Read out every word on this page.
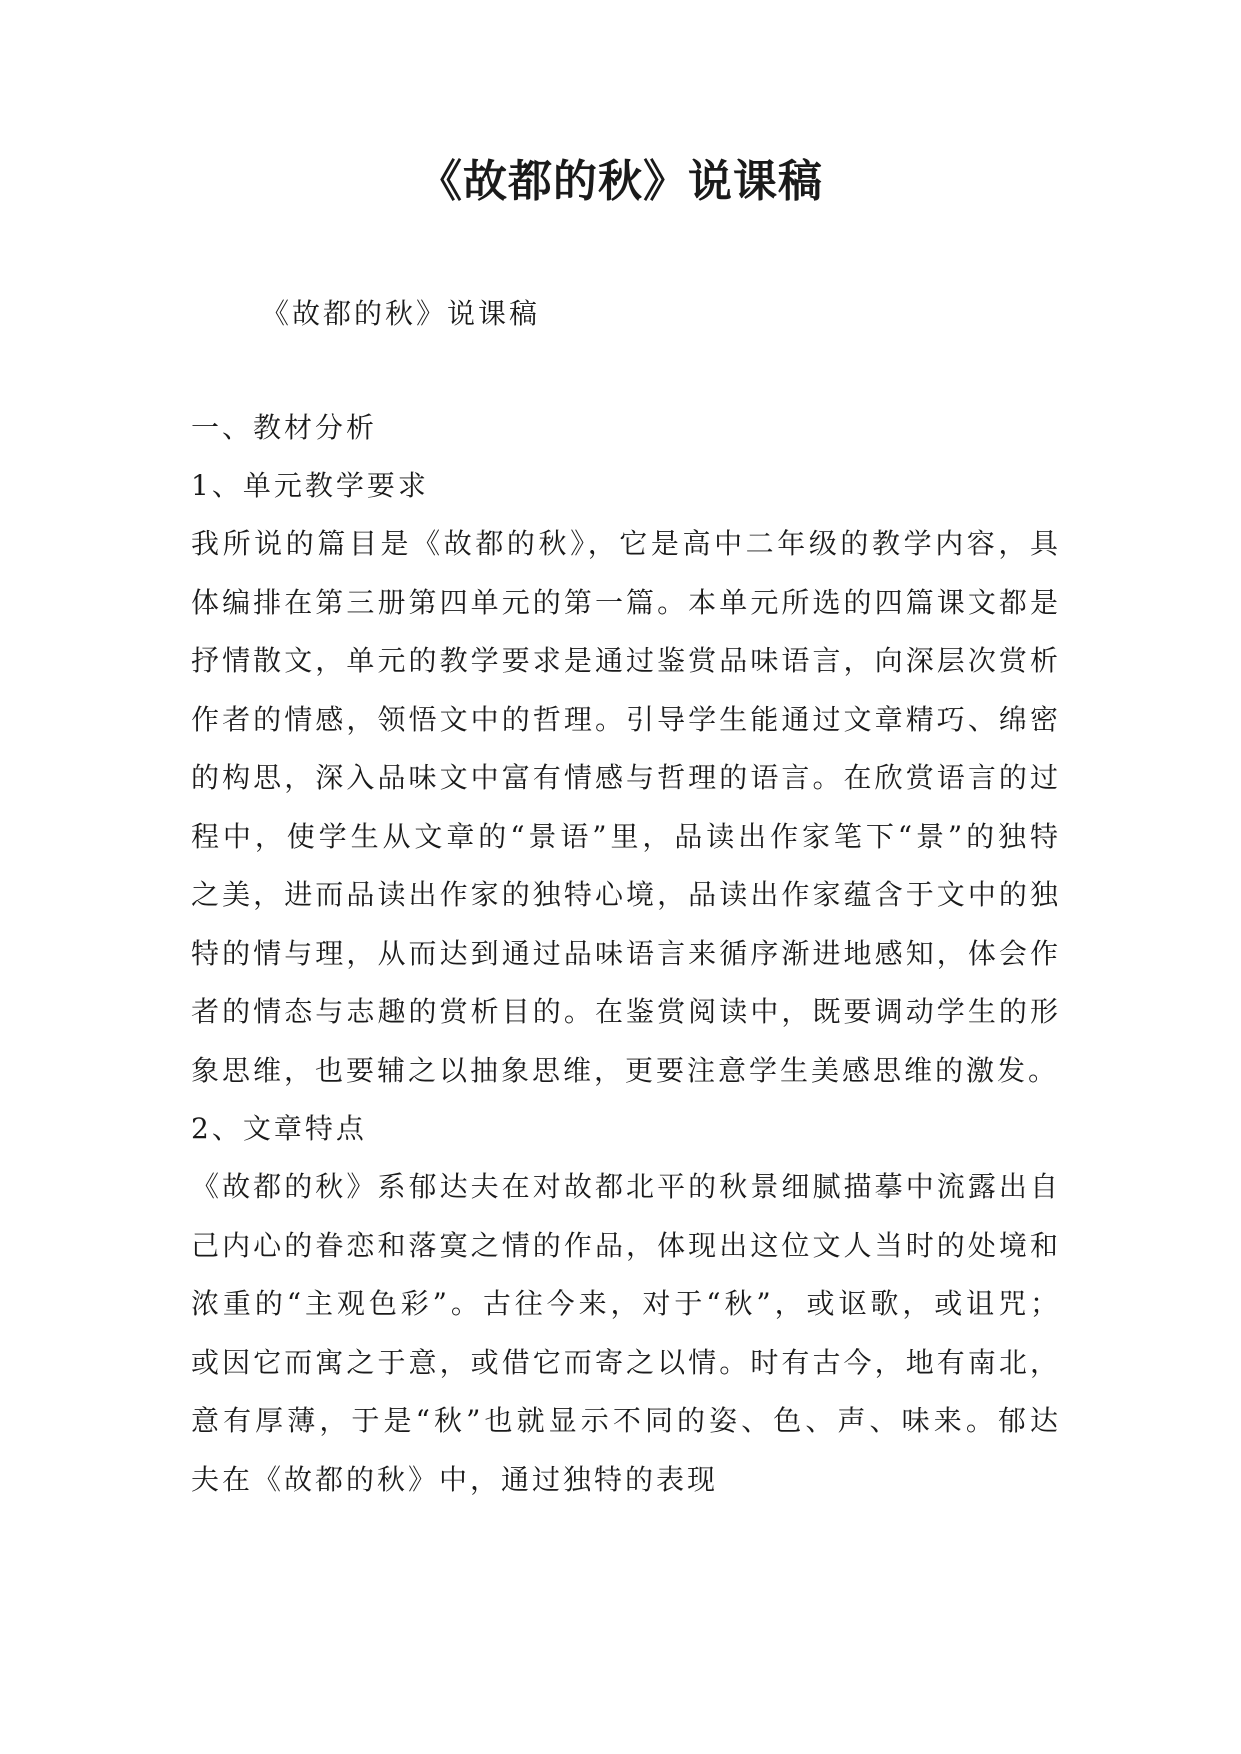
《故都的秋》说课稿

《故都的秋》说课稿

一、教材分析

1、单元教学要求

我所说的篇目是《故都的秋》，它是高中二年级的教学内容，具体编排在第三册第四单元的第一篇。本单元所选的四篇课文都是抒情散文，单元的教学要求是通过鉴赏品味语言，向深层次赏析作者的情感，领悟文中的哲理。引导学生能通过文章精巧、绵密的构思，深入品味文中富有情感与哲理的语言。在欣赏语言的过程中，使学生从文章的“景语”里，品读出作家笔下“景”的独特之美，进而品读出作家的独特心境，品读出作家蕴含于文中的独特的情与理，从而达到通过品味语言来循序渐进地感知，体会作者的情态与志趣的赏析目的。在鉴赏阅读中，既要调动学生的形象思维，也要辅之以抽象思维，更要注意学生美感思维的激发。

2、文章特点

《故都的秋》系郁达夫在对故都北平的秋景细腻描摹中流露出自己内心的眷恋和落寞之情的作品，体现出这位文人当时的处境和浓重的“主观色彩”。古往今来，对于“秋”，或讴歌，或诅咒；或因它而寓之于意，或借它而寄之以情。时有古今，地有南北，意有厚薄，于是“秋”也就显示不同的姿、色、声、味来。郁达夫在《故都的秋》中，通过独特的表现
